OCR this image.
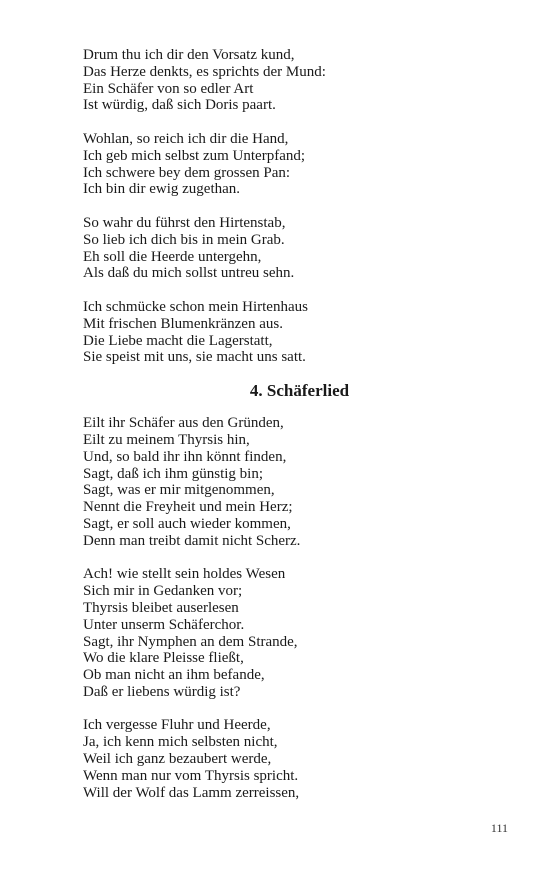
Drum thu ich dir den Vorsatz kund,
Das Herze denkts, es sprichts der Mund:
Ein Schäfer von so edler Art
Ist würdig, daß sich Doris paart.
Wohlan, so reich ich dir die Hand,
Ich geb mich selbst zum Unterpfand;
Ich schwere bey dem grossen Pan:
Ich bin dir ewig zugethan.
So wahr du führst den Hirtenstab,
So lieb ich dich bis in mein Grab.
Eh soll die Heerde untergehn,
Als daß du mich sollst untreu sehn.
Ich schmücke schon mein Hirtenhaus
Mit frischen Blumenkränzen aus.
Die Liebe macht die Lagerstatt,
Sie speist mit uns, sie macht uns satt.
4. Schäferlied
Eilt ihr Schäfer aus den Gründen,
Eilt zu meinem Thyrsis hin,
Und, so bald ihr ihn könnt finden,
Sagt, daß ich ihm günstig bin;
Sagt, was er mir mitgenommen,
Nennt die Freyheit und mein Herz;
Sagt, er soll auch wieder kommen,
Denn man treibt damit nicht Scherz.
Ach! wie stellt sein holdes Wesen
Sich mir in Gedanken vor;
Thyrsis bleibet auserlesen
Unter unserm Schäferchor.
Sagt, ihr Nymphen an dem Strande,
Wo die klare Pleisse fließt,
Ob man nicht an ihm befande,
Daß er liebens würdig ist?
Ich vergesse Fluhr und Heerde,
Ja, ich kenn mich selbsten nicht,
Weil ich ganz bezaubert werde,
Wenn man nur vom Thyrsis spricht.
Will der Wolf das Lamm zerreissen,
111
